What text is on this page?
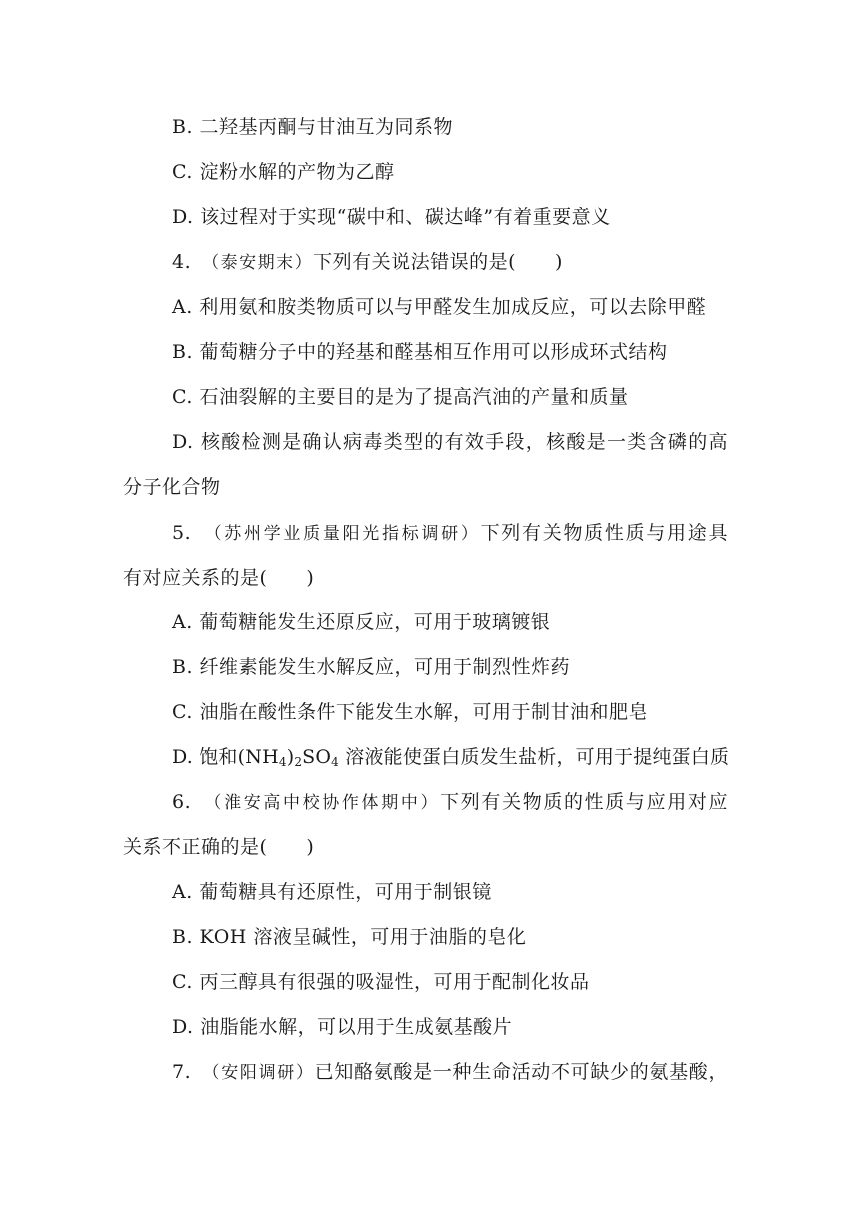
B. 二羟基丙酮与甘油互为同系物
C. 淀粉水解的产物为乙醇
D. 该过程对于实现“碳中和、碳达峰”有着重要意义
4.　（泰安期末）下列有关说法错误的是(　　)
A. 利用氨和胺类物质可以与甲醛发生加成反应，可以去除甲醛
B. 葡萄糖分子中的羟基和醛基相互作用可以形成环式结构
C. 石油裂解的主要目的是为了提高汽油的产量和质量
D. 核酸检测是确认病毒类型的有效手段，核酸是一类含磷的高
分子化合物
5.　（苏州学业质量阳光指标调研）下列有关物质性质与用途具
有对应关系的是(　　)
A. 葡萄糖能发生还原反应，可用于玻璃镀银
B. 纤维素能发生水解反应，可用于制烈性炸药
C. 油脂在酸性条件下能发生水解，可用于制甘油和肥皂
D. 饱和$(NH_4)_2SO_4$ 溶液能使蛋白质发生盐析，可用于提纯蛋白质
6.　（淮安高中校协作体期中）下列有关物质的性质与应用对应
关系不正确的是(　　)
A. 葡萄糖具有还原性，可用于制银镜
B. KOH 溶液呈碱性，可用于油脂的皂化
C. 丙三醇具有很强的吸湿性，可用于配制化妆品
D. 油脂能水解，可以用于生成氨基酸片
7.　（安阳调研）已知酪氨酸是一种生命活动不可缺少的氨基酸，
